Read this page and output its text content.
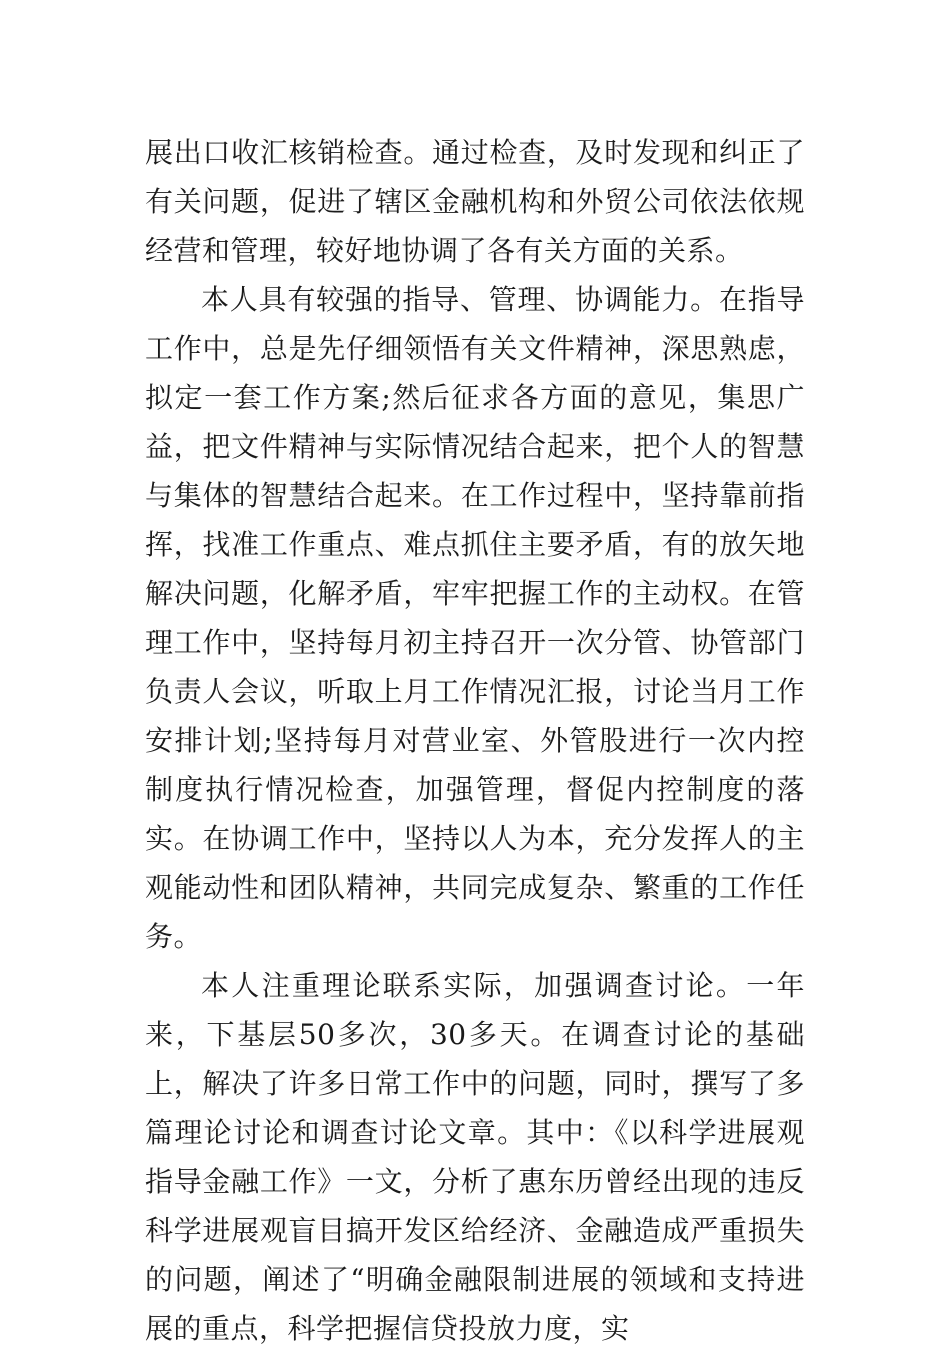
展出口收汇核销检查。通过检查，及时发现和纠正了有关问题，促进了辖区金融机构和外贸公司依法依规经营和管理，较好地协调了各有关方面的关系。

本人具有较强的指导、管理、协调能力。在指导工作中，总是先仔细领悟有关文件精神，深思熟虑，拟定一套工作方案;然后征求各方面的意见，集思广益，把文件精神与实际情况结合起来，把个人的智慧与集体的智慧结合起来。在工作过程中，坚持靠前指挥，找准工作重点、难点抓住主要矛盾，有的放矢地解决问题，化解矛盾，牢牢把握工作的主动权。在管理工作中，坚持每月初主持召开一次分管、协管部门负责人会议，听取上月工作情况汇报，讨论当月工作安排计划;坚持每月对营业室、外管股进行一次内控制度执行情况检查，加强管理，督促内控制度的落实。在协调工作中，坚持以人为本，充分发挥人的主观能动性和团队精神，共同完成复杂、繁重的工作任务。

本人注重理论联系实际，加强调查讨论。一年来，下基层50多次，30多天。在调查讨论的基础上，解决了许多日常工作中的问题，同时，撰写了多篇理论讨论和调查讨论文章。其中：《以科学进展观指导金融工作》一文，分析了惠东历曾经出现的违反科学进展观盲目搞开发区给经济、金融造成严重损失的问题，阐述了“明确金融限制进展的领域和支持进展的重点，科学把握信贷投放力度，实
